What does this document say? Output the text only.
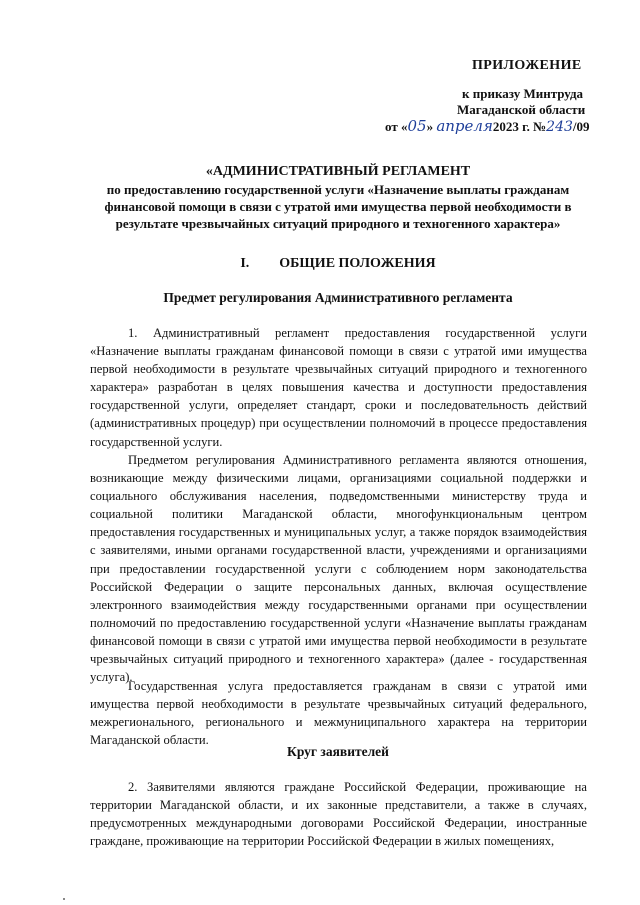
ПРИЛОЖЕНИЕ
к приказу Минтруда
Магаданской области
от «05» апреля2023 г. №243/09
«АДМИНИСТРАТИВНЫЙ РЕГЛАМЕНТ
по предоставлению государственной услуги «Назначение выплаты гражданам финансовой помощи в связи с утратой ими имущества первой необходимости в результате чрезвычайных ситуаций природного и техногенного характера»
I. ОБЩИЕ ПОЛОЖЕНИЯ
Предмет регулирования Административного регламента

1. Административный регламент предоставления государственной услуги «Назначение выплаты гражданам финансовой помощи в связи с утратой ими имущества первой необходимости в результате чрезвычайных ситуаций природного и техногенного характера» разработан в целях повышения качества и доступности предоставления государственной услуги, определяет стандарт, сроки и последовательность действий (административных процедур) при осуществлении полномочий в процессе предоставления государственной услуги.

Предметом регулирования Административного регламента являются отношения, возникающие между физическими лицами, организациями социальной поддержки и социального обслуживания населения, подведомственными министерству труда и социальной политики Магаданской области, многофункциональным центром предоставления государственных и муниципальных услуг, а также порядок взаимодействия с заявителями, иными органами государственной власти, учреждениями и организациями при предоставлении государственной услуги с соблюдением норм законодательства Российской Федерации о защите персональных данных, включая осуществление электронного взаимодействия между государственными органами при осуществлении полномочий по предоставлению государственной услуги «Назначение выплаты гражданам финансовой помощи в связи с утратой ими имущества первой необходимости в результате чрезвычайных ситуаций природного и техногенного характера» (далее - государственная услуга).

Государственная услуга предоставляется гражданам в связи с утратой ими имущества первой необходимости в результате чрезвычайных ситуаций федерального, межрегионального, регионального и межмуниципального характера на территории Магаданской области.

Круг заявителей

2. Заявителями являются граждане Российской Федерации, проживающие на территории Магаданской области, и их законные представители, а также в случаях, предусмотренных международными договорами Российской Федерации, иностранные граждане, проживающие на территории Российской Федерации в жилых помещениях,
